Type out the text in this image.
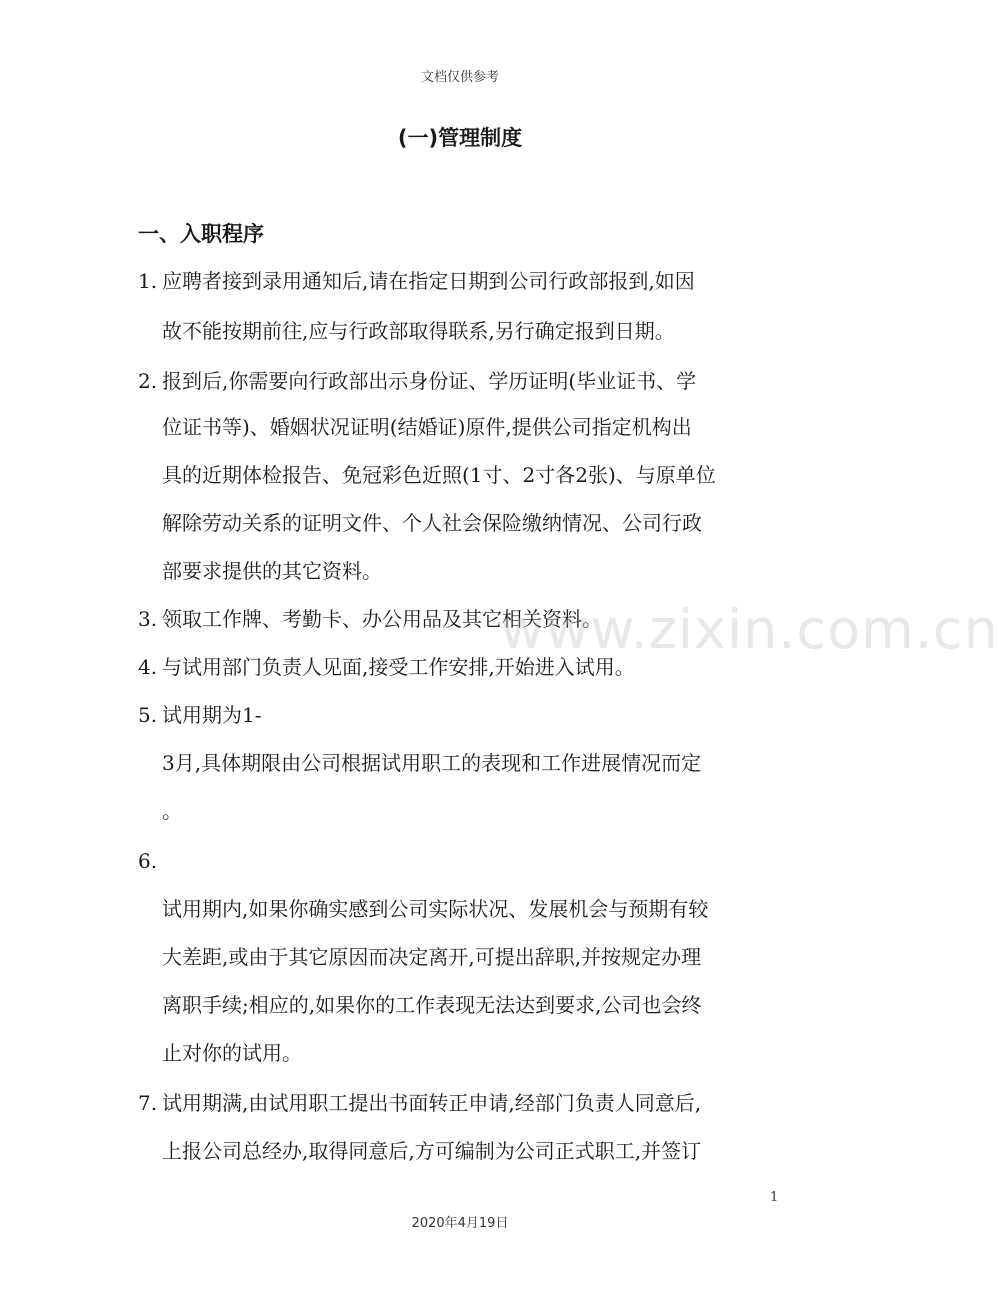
文档仅供参考
(一)管理制度
一、入职程序
1. 应聘者接到录用通知后,请在指定日期到公司行政部报到,如因
故不能按期前往,应与行政部取得联系,另行确定报到日期。
2. 报到后,你需要向行政部出示身份证、学历证明(毕业证书、学
位证书等)、婚姻状况证明(结婚证)原件,提供公司指定机构出
具的近期体检报告、免冠彩色近照(1寸、2寸各2张)、与原单位
解除劳动关系的证明文件、个人社会保险缴纳情况、公司行政
部要求提供的其它资料。
3. 领取工作牌、考勤卡、办公用品及其它相关资料。
4. 与试用部门负责人见面,接受工作安排,开始进入试用。
5. 试用期为1-
3月,具体期限由公司根据试用职工的表现和工作进展情况而定
。
6.
试用期内,如果你确实感到公司实际状况、发展机会与预期有较
大差距,或由于其它原因而决定离开,可提出辞职,并按规定办理
离职手续;相应的,如果你的工作表现无法达到要求,公司也会终
止对你的试用。
7. 试用期满,由试用职工提出书面转正申请,经部门负责人同意后,
上报公司总经办,取得同意后,方可编制为公司正式职工,并签订
www.zixin.com.cn
1
2020年4月19日
